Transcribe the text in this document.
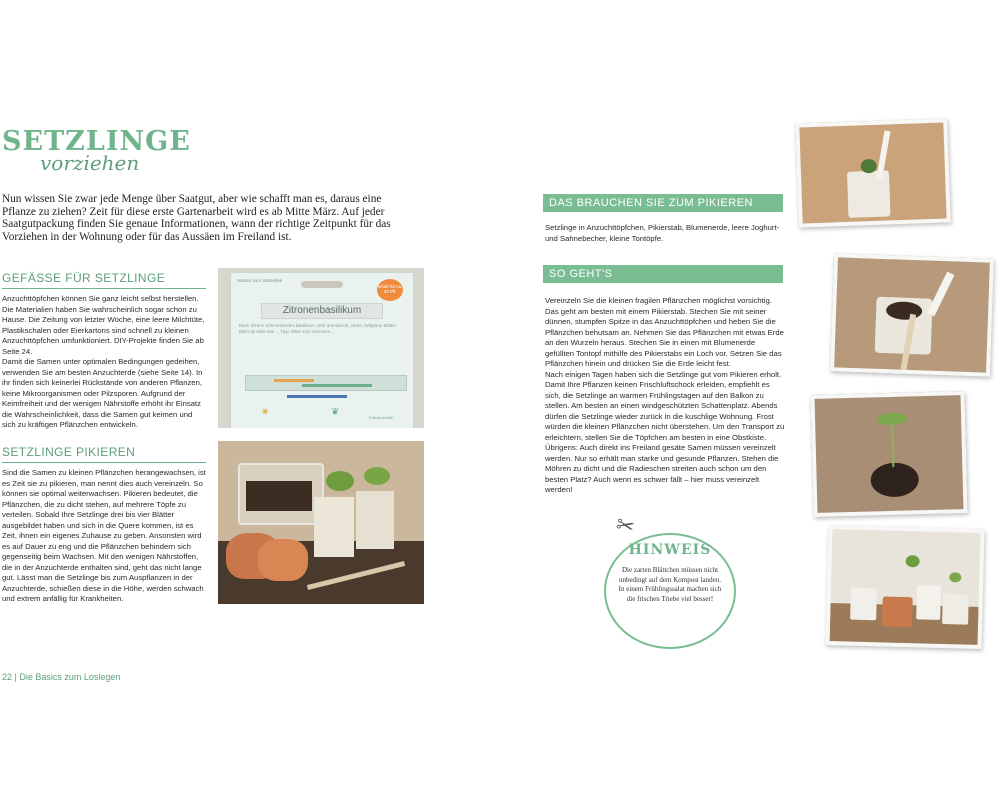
SETZLINGE
vorziehen
Nun wissen Sie zwar jede Menge über Saatgut, aber wie schafft man es, daraus eine Pflanze zu ziehen? Zeit für diese erste Gartenarbeit wird es ab Mitte März. Auf jeder Saatgutpackung finden Sie genaue Informationen, wann der richtige Zeitpunkt für das Vorziehen in der Wohnung oder für das Aussäen im Freiland ist.
GEFÄSSE FÜR SETZLINGE

Anzuchttöpfchen können Sie ganz leicht selbst herstellen. Die Materialien haben Sie wahrscheinlich sogar schon zu Hause. Die Zeitung von letzter Woche, eine leere Milchtüte, Plastikschalen oder Eierkartons sind schnell zu kleinen Anzuchttöpfchen umfunktioniert. DIY-Projekte finden Sie ab Seite 24.
Damit die Samen unter optimalen Bedingungen gedeihen, verwenden Sie am besten Anzuchterde (siehe Seite 14). In ihr finden sich keinerlei Rückstände von anderen Pflanzen, keine Mikroorganismen oder Pilzsporen. Aufgrund der Keimfreiheit und der wenigen Nährstoffe erhöht ihr Einsatz die Wahrscheinlichkeit, dass die Samen gut keimen und sich zu kräftigen Pflänzchen entwickeln.

Samen zum Vorziehen
Inhalt für ca. 30 Pfl.
Zitronenbasilikum
Nach Zitrone schmeckendes Basilikum, sehr aromatisch, zarter, hellgrüne Blätter. Blüht ab Mitte Mai ... Tipp: Blüte zum Verzieren...
✷	❦	Kräutermühle
SETZLINGE PIKIEREN

Sind die Samen zu kleinen Pflänzchen herangewachsen, ist es Zeit sie zu pikieren, man nennt dies auch vereinzeln. So können sie optimal weiterwachsen. Pikieren bedeutet, die Pflänzchen, die zu dicht stehen, auf mehrere Töpfe zu verteilen. Sobald Ihre Setzlinge drei bis vier Blätter ausgebildet haben und sich in die Quere kommen, ist es Zeit, ihnen ein eigenes Zuhause zu geben. Ansonsten wird es auf Dauer zu eng und die Pflänzchen behindern sich gegenseitig beim Wachsen. Mit den wenigen Nährstoffen, die in der Anzuchterde enthalten sind, geht das nicht lange gut. Lässt man die Setzlinge bis zum Auspflanzen in der Anzuchterde, schießen diese in die Höhe, werden schwach und extrem anfällig für Krankheiten.

22 | Die Basics zum Loslegen
DAS BRAUCHEN SIE ZUM PIKIEREN

Setzlinge in Anzuchttöpfchen, Pikierstab, Blumenerde, leere Joghurt- und Sahnebecher, kleine Tontöpfe.

SO GEHT'S

Vereinzeln Sie die kleinen fragilen Pflänzchen möglichst vorsichtig. Das geht am besten mit einem Pikierstab. Stechen Sie mit seiner dünnen, stumpfen Spitze in das Anzuchttöpfchen und heben Sie die Pflänzchen behutsam an. Nehmen Sie das Pflänzchen mit etwas Erde an den Wurzeln heraus. Stechen Sie in einen mit Blumenerde gefüllten Tontopf mithilfe des Pikierstabs ein Loch vor. Setzen Sie das Pflänzchen hinein und drücken Sie die Erde leicht fest.
Nach einigen Tagen haben sich die Setzlinge gut vom Pikieren erholt. Damit Ihre Pflanzen keinen Frischluftschock erleiden, empfiehlt es sich, die Setzlinge an warmen Frühlingstagen auf den Balkon zu stellen. Am besten an einen windgeschützten Schattenplatz. Abends dürfen die Setzlinge wieder zurück in die kuschlige Wohnung. Frost würden die kleinen Pflänzchen nicht überstehen. Um den Transport zu erleichtern, stellen Sie die Töpfchen am besten in eine Obstkiste. Übrigens: Auch direkt ins Freiland gesäte Samen müssen vereinzelt werden. Nur so erhält man starke und gesunde Pflanzen. Stehen die Möhren zu dicht und die Radieschen streiten auch schon um den besten Platz? Auch wenn es schwer fällt – hier muss vereinzelt werden!

✂
HINWEIS
Die zarten Blättchen müssen nicht unbedingt auf dem Kompost landen. In einem Frühlingssalat machen sich die frischen Triebe viel besser!
